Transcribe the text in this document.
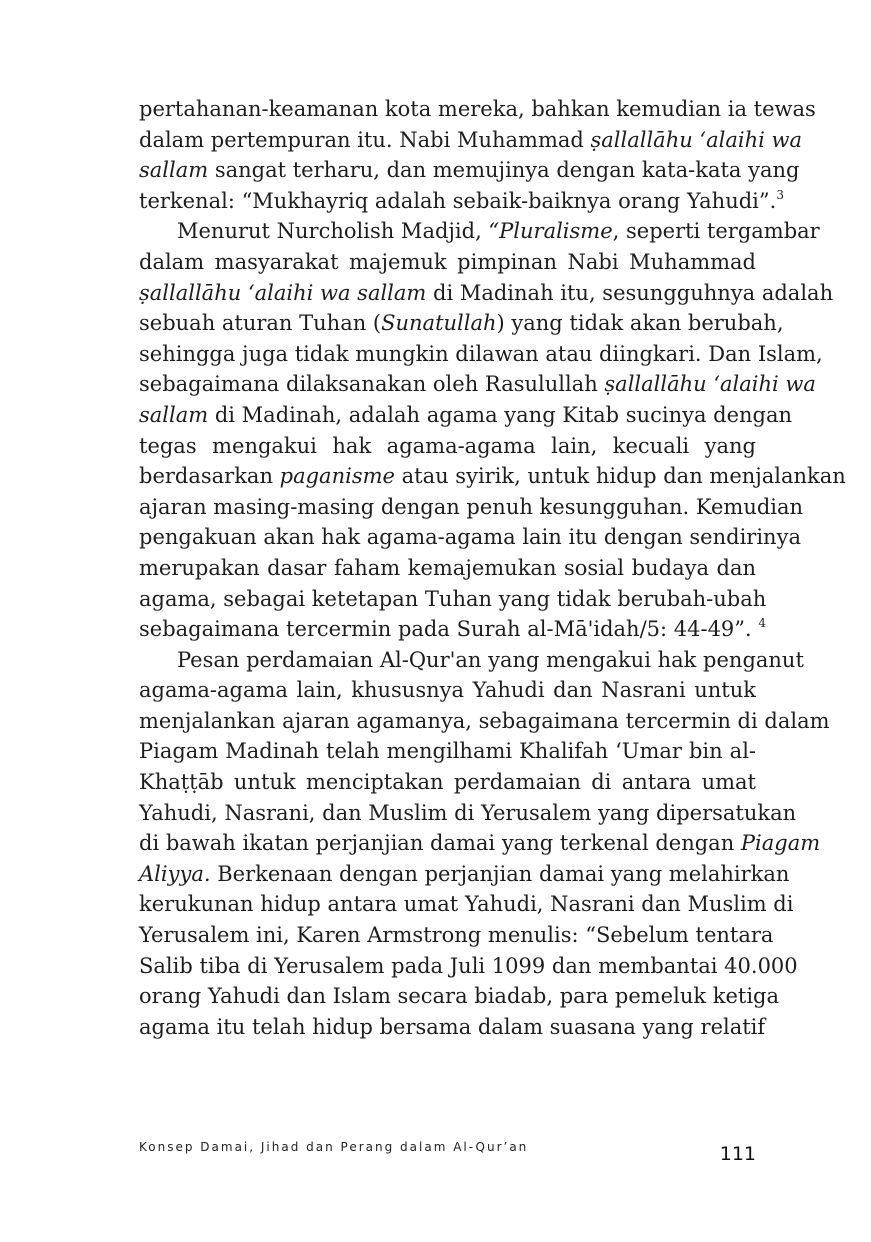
pertahanan-keamanan kota mereka, bahkan kemudian ia tewas
dalam pertempuran itu. Nabi Muhammad ṣallallāhu ʻalaihi wa
sallam sangat terharu, dan memujinya dengan kata-kata yang
terkenal: “Mukhayriq adalah sebaik-baiknya orang Yahudi”.$^3$
Menurut Nurcholish Madjid, “Pluralisme, seperti tergambar
dalam masyarakat majemuk pimpinan Nabi Muhammad
ṣallallāhu ʻalaihi wa sallam di Madinah itu, sesungguhnya adalah
sebuah aturan Tuhan (Sunatullah) yang tidak akan berubah,
sehingga juga tidak mungkin dilawan atau diingkari. Dan Islam,
sebagaimana dilaksanakan oleh Rasulullah ṣallallāhu ʻalaihi wa
sallam di Madinah, adalah agama yang Kitab sucinya dengan
tegas mengakui hak agama-agama lain, kecuali yang
berdasarkan paganisme atau syirik, untuk hidup dan menjalankan
ajaran masing-masing dengan penuh kesungguhan. Kemudian
pengakuan akan hak agama-agama lain itu dengan sendirinya
merupakan dasar faham kemajemukan sosial budaya dan
agama, sebagai ketetapan Tuhan yang tidak berubah-ubah
sebagaimana tercermin pada Surah al-Mā'idah/5: 44-49”. $^4$
Pesan perdamaian Al-Qur'an yang mengakui hak penganut
agama-agama lain, khususnya Yahudi dan Nasrani untuk
menjalankan ajaran agamanya, sebagaimana tercermin di dalam
Piagam Madinah telah mengilhami Khalifah ‘Umar bin al-
Khaṭṭāb untuk menciptakan perdamaian di antara umat
Yahudi, Nasrani, dan Muslim di Yerusalem yang dipersatukan
di bawah ikatan perjanjian damai yang terkenal dengan Piagam
Aliyya. Berkenaan dengan perjanjian damai yang melahirkan
kerukunan hidup antara umat Yahudi, Nasrani dan Muslim di
Yerusalem ini, Karen Armstrong menulis: “Sebelum tentara
Salib tiba di Yerusalem pada Juli 1099 dan membantai 40.000
orang Yahudi dan Islam secara biadab, para pemeluk ketiga
agama itu telah hidup bersama dalam suasana yang relatif
Konsep Damai, Jihad dan Perang dalam Al-Qur’an	111
